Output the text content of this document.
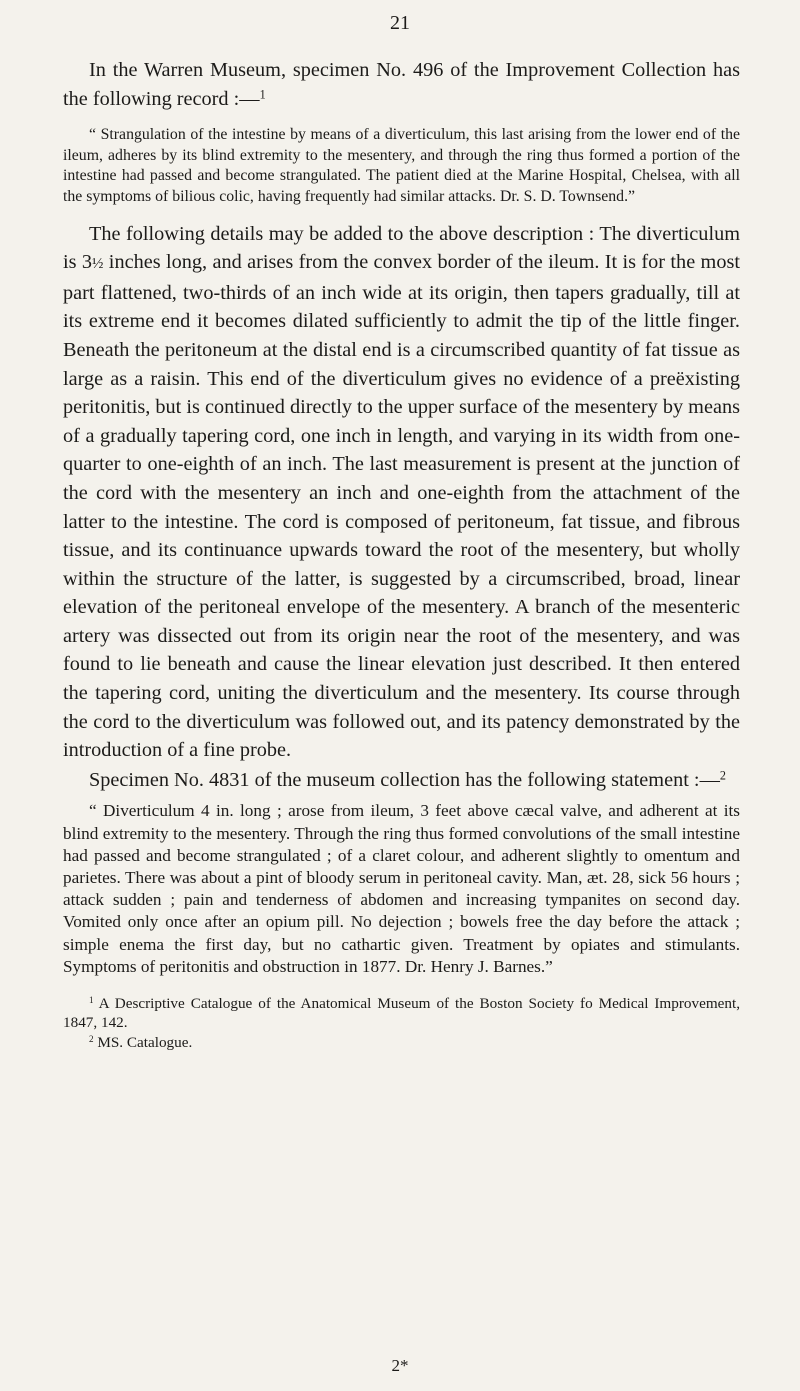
21

In the Warren Museum, specimen No. 496 of the Improvement Collection has the following record :—$^1$

“ Strangulation of the intestine by means of a diverticulum, this last arising from the lower end of the ileum, adheres by its blind extremity to the mesentery, and through the ring thus formed a portion of the intestine had passed and become strangulated. The patient died at the Marine Hospital, Chelsea, with all the symptoms of bilious colic, having frequently had similar attacks. Dr. S. D. Townsend.”

The following details may be added to the above description : The diverticulum is 3½ inches long, and arises from the convex border of the ileum. It is for the most part flattened, two-thirds of an inch wide at its origin, then tapers gradually, till at its extreme end it becomes dilated sufficiently to admit the tip of the little finger. Beneath the peritoneum at the distal end is a circumscribed quantity of fat tissue as large as a raisin. This end of the diverticulum gives no evidence of a preëxisting peritonitis, but is continued directly to the upper surface of the mesentery by means of a gradually tapering cord, one inch in length, and varying in its width from one-quarter to one-eighth of an inch. The last measurement is present at the junction of the cord with the mesentery an inch and one-eighth from the attachment of the latter to the intestine. The cord is composed of peritoneum, fat tissue, and fibrous tissue, and its continuance upwards toward the root of the mesentery, but wholly within the structure of the latter, is suggested by a circumscribed, broad, linear elevation of the peritoneal envelope of the mesentery. A branch of the mesenteric artery was dissected out from its origin near the root of the mesentery, and was found to lie beneath and cause the linear elevation just described. It then entered the tapering cord, uniting the diverticulum and the mesentery. Its course through the cord to the diverticulum was followed out, and its patency demonstrated by the introduction of a fine probe.

Specimen No. 4831 of the museum collection has the following statement :—$^2$

“ Diverticulum 4 in. long ; arose from ileum, 3 feet above cæcal valve, and adherent at its blind extremity to the mesentery. Through the ring thus formed convolutions of the small intestine had passed and become strangulated ; of a claret colour, and adherent slightly to omentum and parietes. There was about a pint of bloody serum in peritoneal cavity. Man, æt. 28, sick 56 hours ; attack sudden ; pain and tenderness of abdomen and increasing tympanites on second day. Vomited only once after an opium pill. No dejection ; bowels free the day before the attack ; simple enema the first day, but no cathartic given. Treatment by opiates and stimulants. Symptoms of peritonitis and obstruction in 1877. Dr. Henry J. Barnes.”

$^1$ A Descriptive Catalogue of the Anatomical Museum of the Boston Society fo Medical Improvement, 1847, 142.
$^2$ MS. Catalogue.
2*
